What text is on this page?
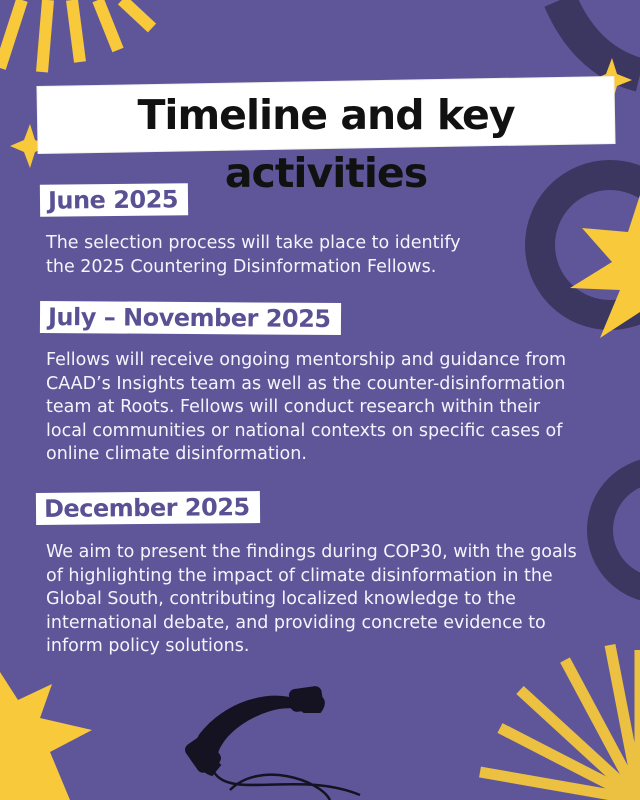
Timeline and key activities
June 2025
The selection process will take place to identify
the 2025 Countering Disinformation Fellows.
July – November 2025
Fellows will receive ongoing mentorship and guidance from
CAAD’s Insights team as well as the counter-disinformation
team at Roots. Fellows will conduct research within their
local communities or national contexts on specific cases of
online climate disinformation.
December 2025
We aim to present the findings during COP30, with the goals
of highlighting the impact of climate disinformation in the
Global South, contributing localized knowledge to the
international debate, and providing concrete evidence to
inform policy solutions.
